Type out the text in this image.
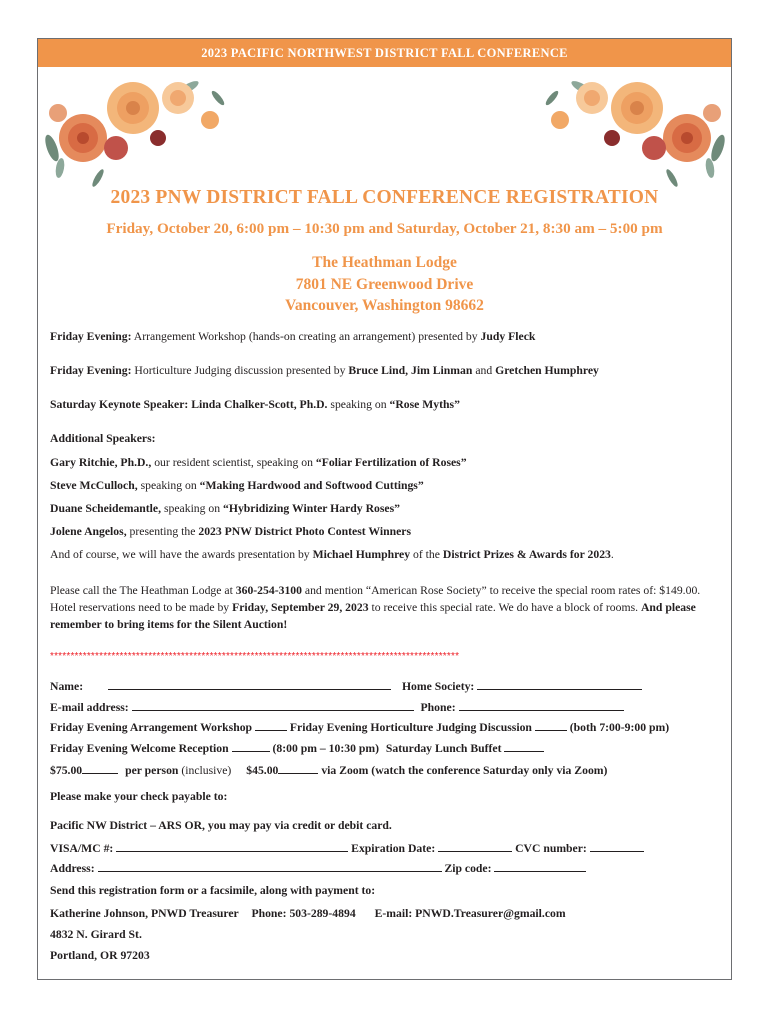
2023 PACIFIC NORTHWEST DISTRICT FALL CONFERENCE
2023 PNW DISTRICT FALL CONFERENCE REGISTRATION
Friday, October 20, 6:00 pm – 10:30 pm and Saturday, October 21, 8:30 am – 5:00 pm
The Heathman Lodge
7801 NE Greenwood Drive
Vancouver, Washington 98662
Friday Evening: Arrangement Workshop (hands-on creating an arrangement) presented by Judy Fleck
Friday Evening: Horticulture Judging discussion presented by Bruce Lind, Jim Linman and Gretchen Humphrey
Saturday Keynote Speaker: Linda Chalker-Scott, Ph.D. speaking on “Rose Myths”
Additional Speakers:
Gary Ritchie, Ph.D., our resident scientist, speaking on “Foliar Fertilization of Roses”
Steve McCulloch, speaking on “Making Hardwood and Softwood Cuttings”
Duane Scheidemantle, speaking on “Hybridizing Winter Hardy Roses”
Jolene Angelos, presenting the 2023 PNW District Photo Contest Winners
And of course, we will have the awards presentation by Michael Humphrey of the District Prizes & Awards for 2023.
Please call the The Heathman Lodge at 360-254-3100 and mention “American Rose Society” to receive the special room rates of: $149.00. Hotel reservations need to be made by Friday, September 29, 2023 to receive this special rate. We do have a block of rooms. And please remember to bring items for the Silent Auction!
****************************************************************************************************
Name:	Home Society:
E-mail address:	Phone:
Friday Evening Arrangement Workshop	Friday Evening Horticulture Judging Discussion	(both 7:00-9:00 pm)
Friday Evening Welcome Reception	(8:00 pm – 10:30 pm) Saturday Lunch Buffet
$75.00	per person (inclusive) $45.00	via Zoom (watch the conference Saturday only via Zoom)
Please make your check payable to:
Pacific NW District – ARS OR, you may pay via credit or debit card.
VISA/MC #:	Expiration Date:	CVC number:
Address:	Zip code:
Send this registration form or a facsimile, along with payment to:
Katherine Johnson, PNWD Treasurer Phone: 503-289-4894 E-mail: PNWD.Treasurer@gmail.com
4832 N. Girard St.
Portland, OR 97203
